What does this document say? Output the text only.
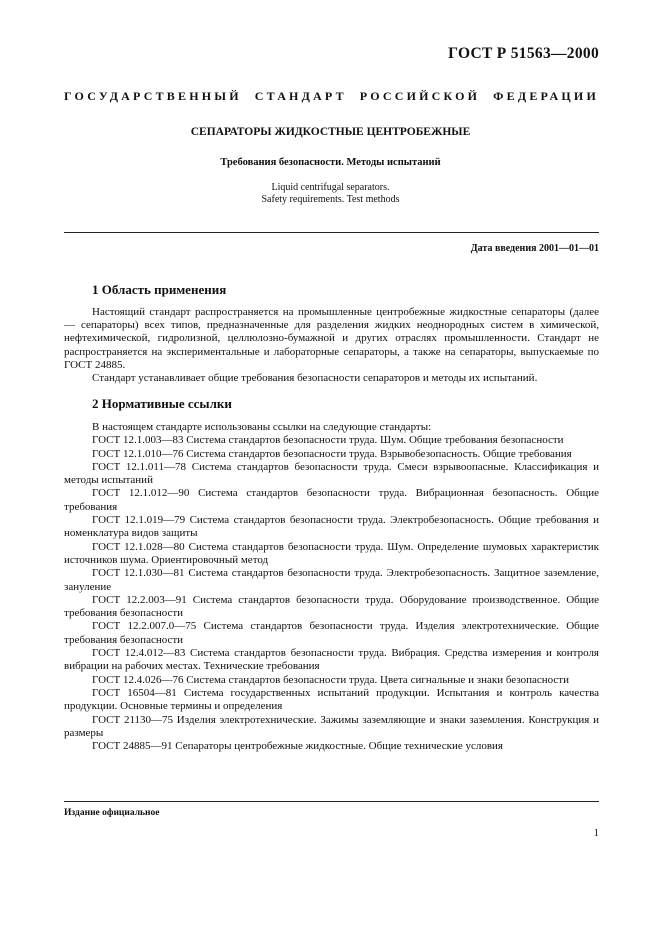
ГОСТ Р 51563—2000
ГОСУДАРСТВЕННЫЙ СТАНДАРТ РОССИЙСКОЙ ФЕДЕРАЦИИ
СЕПАРАТОРЫ ЖИДКОСТНЫЕ ЦЕНТРОБЕЖНЫЕ
Требования безопасности. Методы испытаний
Liquid centrifugal separators.
Safety requirements. Test methods
Дата введения 2001—01—01
1 Область применения

Настоящий стандарт распространяется на промышленные центробежные жидкостные сепараторы (далее — сепараторы) всех типов, предназначенные для разделения жидких неоднородных систем в химической, нефтехимической, гидролизной, целлюлозно-бумажной и других отраслях промышленности. Стандарт не распространяется на экспериментальные и лабораторные сепараторы, а также на сепараторы, выпускаемые по ГОСТ 24885.

Стандарт устанавливает общие требования безопасности сепараторов и методы их испытаний.

2 Нормативные ссылки

В настоящем стандарте использованы ссылки на следующие стандарты:

ГОСТ 12.1.003—83 Система стандартов безопасности труда. Шум. Общие требования безопасности

ГОСТ 12.1.010—76 Система стандартов безопасности труда. Взрывобезопасность. Общие требования

ГОСТ 12.1.011—78 Система стандартов безопасности труда. Смеси взрывоопасные. Классификация и методы испытаний

ГОСТ 12.1.012—90 Система стандартов безопасности труда. Вибрационная безопасность. Общие требования

ГОСТ 12.1.019—79 Система стандартов безопасности труда. Электробезопасность. Общие требования и номенклатура видов защиты

ГОСТ 12.1.028—80 Система стандартов безопасности труда. Шум. Определение шумовых характеристик источников шума. Ориентировочный метод

ГОСТ 12.1.030—81 Система стандартов безопасности труда. Электробезопасность. Защитное заземление, зануление

ГОСТ 12.2.003—91 Система стандартов безопасности труда. Оборудование производственное. Общие требования безопасности

ГОСТ 12.2.007.0—75 Система стандартов безопасности труда. Изделия электротехнические. Общие требования безопасности

ГОСТ 12.4.012—83 Система стандартов безопасности труда. Вибрация. Средства измерения и контроля вибрации на рабочих местах. Технические требования

ГОСТ 12.4.026—76 Система стандартов безопасности труда. Цвета сигнальные и знаки безопасности

ГОСТ 16504—81 Система государственных испытаний продукции. Испытания и контроль качества продукции. Основные термины и определения

ГОСТ 21130—75 Изделия электротехнические. Зажимы заземляющие и знаки заземления. Конструкция и размеры

ГОСТ 24885—91 Сепараторы центробежные жидкостные. Общие технические условия

Издание официальное
1
